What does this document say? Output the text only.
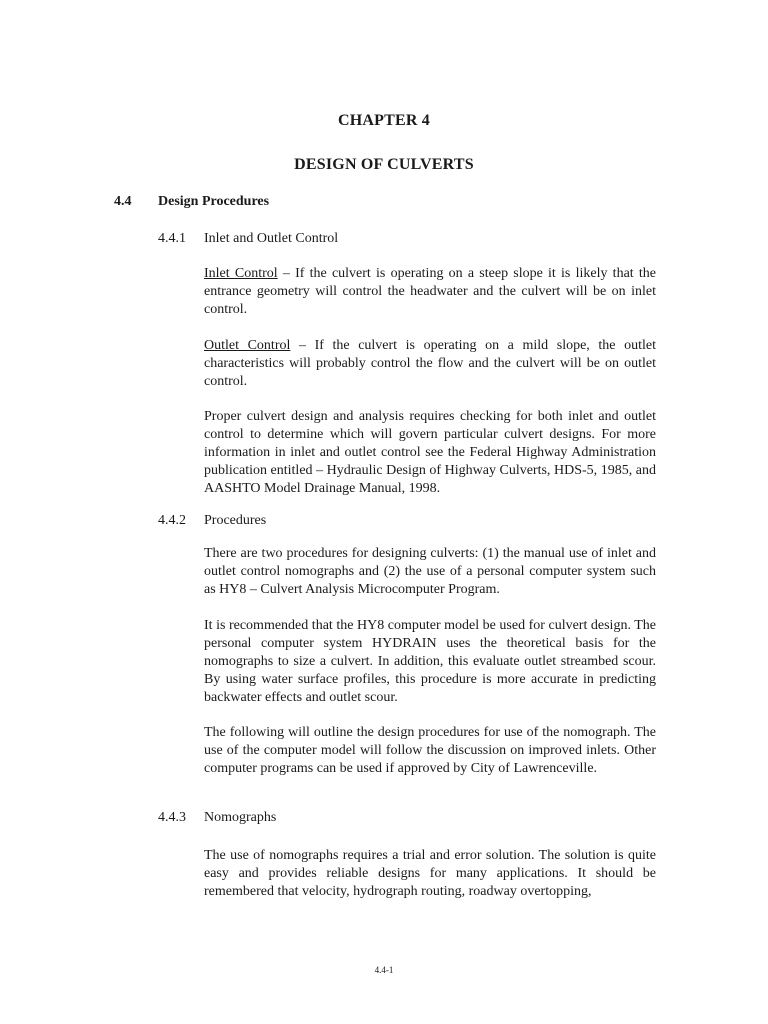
CHAPTER 4
DESIGN OF CULVERTS
4.4 Design Procedures
4.4.1 Inlet and Outlet Control
Inlet Control – If the culvert is operating on a steep slope it is likely that the entrance geometry will control the headwater and the culvert will be on inlet control.
Outlet Control – If the culvert is operating on a mild slope, the outlet characteristics will probably control the flow and the culvert will be on outlet control.
Proper culvert design and analysis requires checking for both inlet and outlet control to determine which will govern particular culvert designs. For more information in inlet and outlet control see the Federal Highway Administration publication entitled – Hydraulic Design of Highway Culverts, HDS-5, 1985, and AASHTO Model Drainage Manual, 1998.
4.4.2 Procedures
There are two procedures for designing culverts: (1) the manual use of inlet and outlet control nomographs and (2) the use of a personal computer system such as HY8 – Culvert Analysis Microcomputer Program.
It is recommended that the HY8 computer model be used for culvert design. The personal computer system HYDRAIN uses the theoretical basis for the nomographs to size a culvert. In addition, this evaluate outlet streambed scour. By using water surface profiles, this procedure is more accurate in predicting backwater effects and outlet scour.
The following will outline the design procedures for use of the nomograph. The use of the computer model will follow the discussion on improved inlets. Other computer programs can be used if approved by City of Lawrenceville.
4.4.3 Nomographs
The use of nomographs requires a trial and error solution. The solution is quite easy and provides reliable designs for many applications. It should be remembered that velocity, hydrograph routing, roadway overtopping,
4.4-1
